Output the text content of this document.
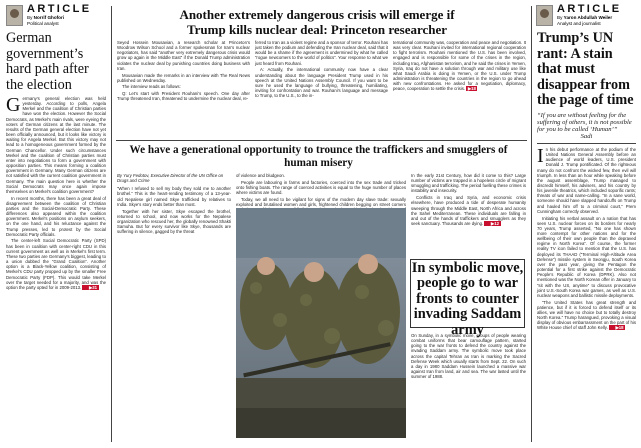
ARTICLE
By Norrif Ghofori
Political analyst
German government’s hard path after the election

Germany’s general election was held yesterday. According to polls, Angela Merkel and the coalition of Christian parties have won the election. However the Social Democrats, as Merkel’s main rivals, were eyeing the voters of German citizens at the last minute. The results of the German general election have not yet been officially announced, but it looks like victory is waiting for Angela Merkel. But this victory may not lead to a homogeneous government formed by the German Chancellor. Under such circumstances Merkel and the coalition of Christian parties must enter into negotiations to form a government with opposition parties. This means forming a coalition government in Germany. Many German citizens are not satisfied with the current coalition government in Germany. The main question here is whether the Social Democrats may once again impose themselves on Merkel’s coalition government?

In recent months, there has been a great deal of disagreement between the coalition of Christian parties and the Social-Democratic Party. These differences also appeared within the coalition government. Merkel’s positions on asylum seekers, on the one hand, and his reluctance against the Trump presses, led to protest by the Social Democratic Party officials.

The center-left Social Democratic Party (SPD) has been in coalition with center-right CDU in this current government as well as in Merkel’s first term. These two parties are Germany’s biggest, leading to a union dubbed the “Grand Coalition”. Another option is a Black-Yellow coalition, consisting of Merkel’s CDU party propped up by the smaller Free Democratic Party (FDP). This would take Merkel over the target needed for a majority, and was the option the party opted for in 2009-2013. ▶31

Another extremely dangerous crisis will emerge if Trump kills nuclear deal: Princeton researcher

Seyed Hossein Mousavian, a research scholar at Princeton’s Woodrow Wilson School and a former spokesman for Iran’s nuclear negotiators, has said “another very extremely dangerous crisis would grow up again in the Middle East” if the Donald Trump administration violates the nuclear deal by punishing countries doing business with Iran.

Mousavian made the remarks in an interview with The Real News published on Wednesday.

The interview reads as follows:

Q: Let’s start with President Rouhani’s speech. One day after Trump threatened Iran, threatened to undermine the nuclear deal, re-

ferred to Iran as a violent regime and a sponsor of terror. Rouhani has just taken the podium and defending the Iran nuclear deal, said that it would be a shame if the agreement is undermined by what he called “rogue newcomers to the world of politics”. Your response to what we just heard from Rouhani.

A: Actually, the international community now have a clear understanding about the language President Trump used in his speech at the United Nations Assembly Council. If you want to be sure he used the language of bullying, threatening, humiliating, inviting for confrontation and war. Rouhani’s language and message to Trump, to the U.S., to the in-

ternational community was, cooperation and peace and negotiation. It was very clear. Rouhani invited for international regional cooperation to fight terrorism. Rouhani mentioned the U.S. has been involved, engaged and is responsible for some of the crises in the region, including Iraq, Afghanistan terrorism, and he said the crises in Yemen, Syria, Iraq do not have a solution through war and military use like what Saudi Arabia is doing in Yemen, or the U.S. under Trump administration is threatening the countries in the region to go ahead with new confrontations. He asked for a negotiation, diplomacy, peace, cooperation to settle the crisis. ▶18

We have a generational opportunity to trounce the traffickers and smugglers of human misery
By Yury Fedotov, Executive Director of the UN Office on Drugs and Crime

“When I refused to sell my body they sold me to another brothel.” This is the heart-rending testimony of a 13-year-old Nepalese girl named Skye trafficked by relatives to India. Skye’s story ends better than most.

Together with her sister, Skye escaped the brothel, returned to school, and now works for the Nepalese organization who rescued her, the globally renowned Shakti Samuha. But for every survivor like Skye, thousands are suffering in silence, gagged by the threat

of violence and bludgeon.

People are labouring in farms and factories, coerced into the sex trade and tricked onto fishing boats. The range of coerced activities is equal to the huge number of places where victims are found.

Today, we all need to be vigilant for signs of the modern day slave trade: sexually exploited and brutalised women and girls, frightened children begging on street corners

In the early 21st Century, how did it come to this? Large number of victims are trapped in a hopeless circle of migrant smuggling and trafficking. The period fuelling these crimes is instability and insecurity.

Conflicts in Iraq and Syria, and economic crisis elsewhere, have produced a tide of desperate humanity sweeping through the Middle East, North Africa and across the Sahel Mediterranean. These individuals are falling in and out of the hands of traffickers and smugglers as they seek sanctuary. Thousands are dying. ▶12

In symbolic move, people go to war fronts to counter invading Saddam army

On Sunday, in a symbolic move, groups of people wearing combat uniforms that bear camouflage pattern, started going to the war fronts to defend the country against the invading Saddam army. The symbolic move took place across the capital Tehran as Iran is marking the Sacred Defense Week which usually starts from Sept. 22. On such a day in 1980 Saddam Hussein launched a massive war against Iran from land, air and sea. The war lasted until the summer of 1988.

ARTICLE
By Yaron Abdullah Weiler
Analyst and journalist
Trump’s UN rant: A stain that must disappear from the page of time
“If you are without feeling for the suffering of others, it is not possible for you to be called ‘Human’”
Sadi

In his debut performance at the podium of the United Nations General Assembly before an audience of world leaders, U.S. president Donald J. Trump pontificated. Of the righteous many do not confront the wicked few, then evil will triumph. In less than an hour while speaking before the august assemblage, Trump managed to discredit himself, his advisers, and his country by his juvenile theatrics, which included soporific rants; threats of war and name-calling. “In a sane world, someone should have slapped handcuffs on Trump and hauled him off to a criminal court,” Prem Cunningham correctly observed.

Initiating his verbal assault on a nation that has seen U.S. nuclear forces on its borders for nearly 70 years, Trump asserted, “No one has shown more contempt for other nations and for the wellbeing of their own people than the depraved regime in North Korea”. Of course, the former reality TV icon failed to mention that the U.S. has deployed its THAAD (“Terminal High-Altitude Area Defense”) missile system in Seongju, South Korea over the past year, giving the Pentagon the potential for a first strike against the Democratic People’s Republic of Korea (DPRK). Also not mentioned was the North Korean offer in January to “sit with the US, anytime” to discuss provocative joint U.S.-South Korea war games, as well as U.S. nuclear weapons and ballistic missile deployments.

“The United States has great strength and patience, but if it is forced to defend itself or its allies, we will have no choice but to totally destroy North Korea.” Trump harangued, provoking a visual display of obvious embarrassment on the part of his White House chief of staff John Kelly. ▶18
